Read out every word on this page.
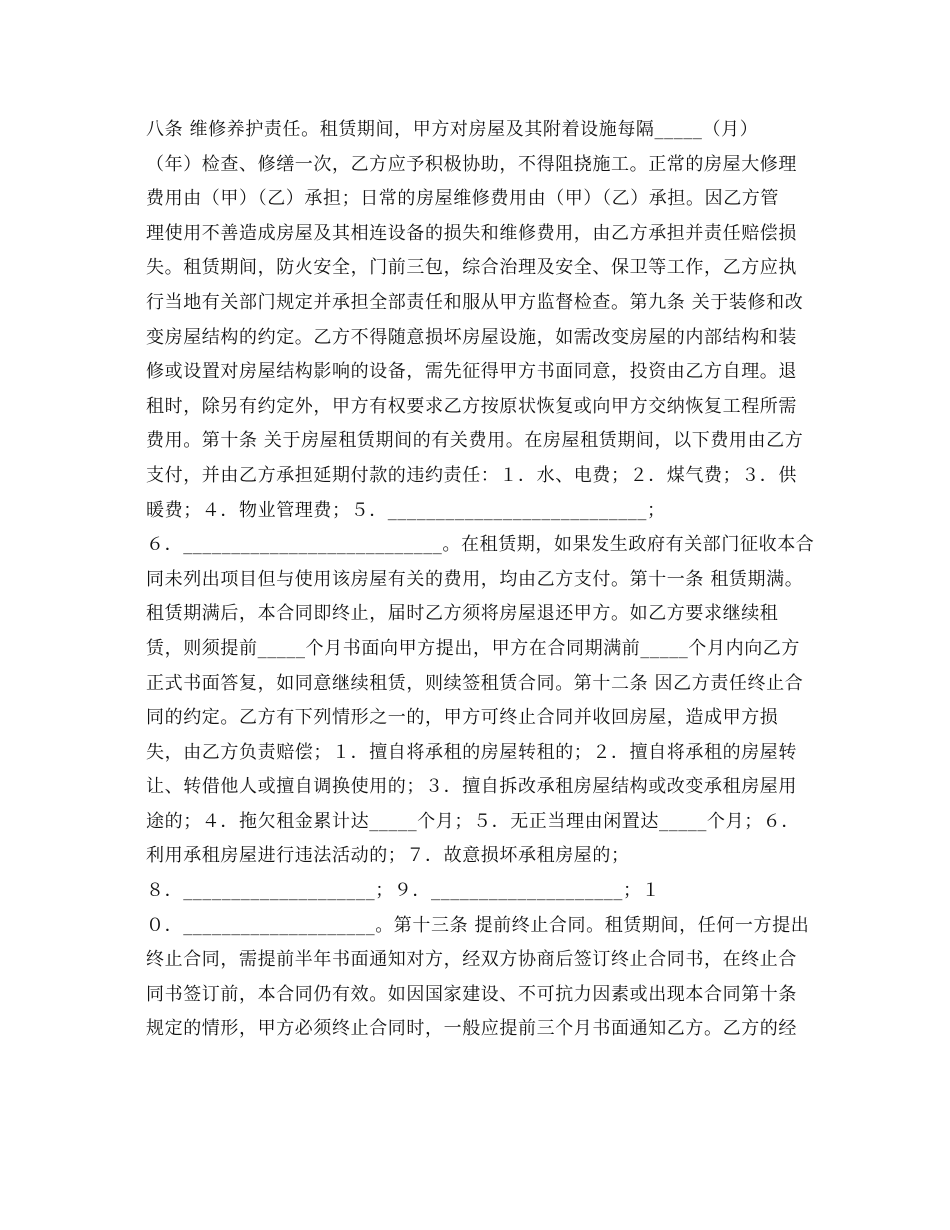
八条 维修养护责任。租赁期间，甲方对房屋及其附着设施每隔_____（月）
（年）检查、修缮一次，乙方应予积极协助，不得阻挠施工。正常的房屋大修理
费用由（甲）（乙）承担；日常的房屋维修费用由（甲）（乙）承担。因乙方管
理使用不善造成房屋及其相连设备的损失和维修费用，由乙方承担并责任赔偿损
失。租赁期间，防火安全，门前三包，综合治理及安全、保卫等工作，乙方应执
行当地有关部门规定并承担全部责任和服从甲方监督检查。第九条 关于装修和改
变房屋结构的约定。乙方不得随意损坏房屋设施，如需改变房屋的内部结构和装
修或设置对房屋结构影响的设备，需先征得甲方书面同意，投资由乙方自理。退
租时，除另有约定外，甲方有权要求乙方按原状恢复或向甲方交纳恢复工程所需
费用。第十条 关于房屋租赁期间的有关费用。在房屋租赁期间，以下费用由乙方
支付，并由乙方承担延期付款的违约责任：１．水、电费；２．煤气费；３．供
暖费；４．物业管理费；５．___________________________；
６．___________________________。在租赁期，如果发生政府有关部门征收本合
同未列出项目但与使用该房屋有关的费用，均由乙方支付。第十一条 租赁期满。
租赁期满后，本合同即终止，届时乙方须将房屋退还甲方。如乙方要求继续租
赁，则须提前_____个月书面向甲方提出，甲方在合同期满前_____个月内向乙方
正式书面答复，如同意继续租赁，则续签租赁合同。第十二条 因乙方责任终止合
同的约定。乙方有下列情形之一的，甲方可终止合同并收回房屋，造成甲方损
失，由乙方负责赔偿；１．擅自将承租的房屋转租的；２．擅自将承租的房屋转
让、转借他人或擅自调换使用的；３．擅自拆改承租房屋结构或改变承租房屋用
途的；４．拖欠租金累计达_____个月；５．无正当理由闲置达_____个月；６．
利用承租房屋进行违法活动的；７．故意损坏承租房屋的；
８．____________________；９．____________________；１
０．____________________。第十三条 提前终止合同。租赁期间，任何一方提出
终止合同，需提前半年书面通知对方，经双方协商后签订终止合同书，在终止合
同书签订前，本合同仍有效。如因国家建设、不可抗力因素或出现本合同第十条
规定的情形，甲方必须终止合同时，一般应提前三个月书面通知乙方。乙方的经
